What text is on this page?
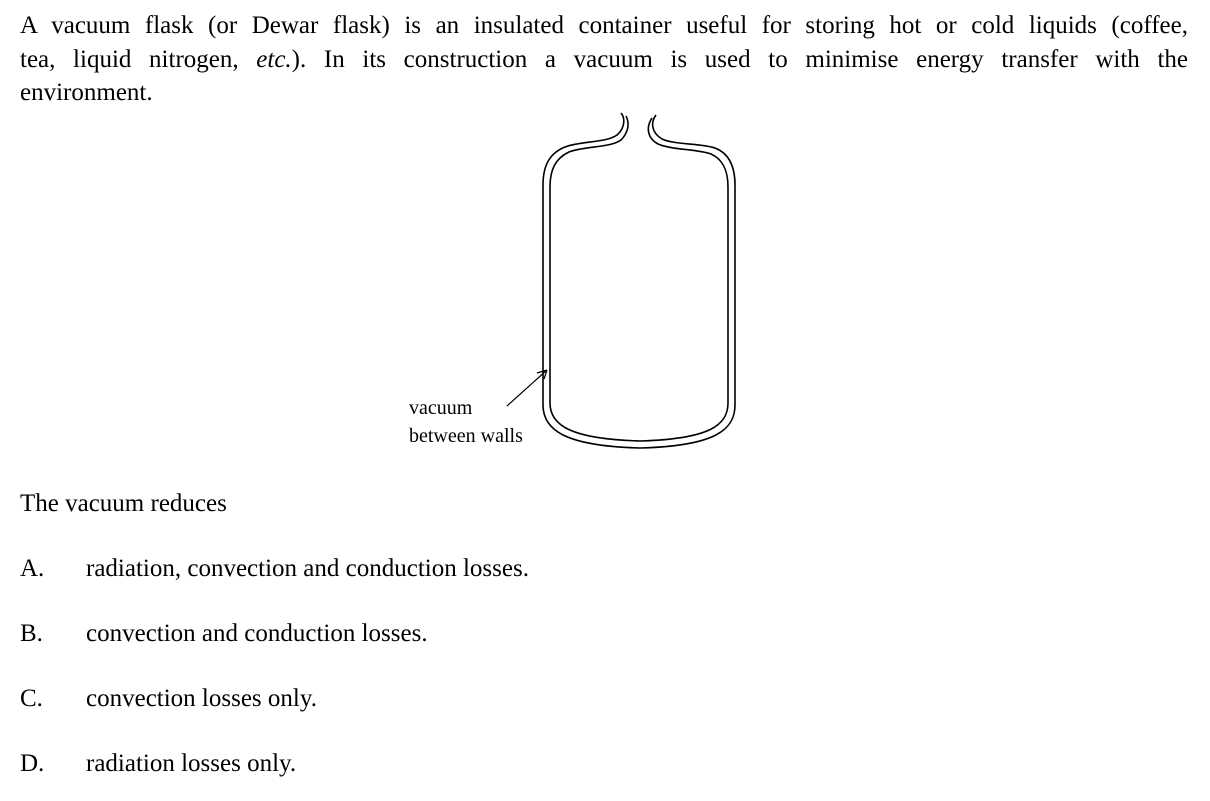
A vacuum flask (or Dewar flask) is an insulated container useful for storing hot or cold liquids (coffee,
tea, liquid nitrogen, etc.). In its construction a vacuum is used to minimise energy transfer with the
environment.
vacuum
between walls

The vacuum reduces

A. radiation, convection and conduction losses.
B. convection and conduction losses.
C. convection losses only.
D. radiation losses only.
